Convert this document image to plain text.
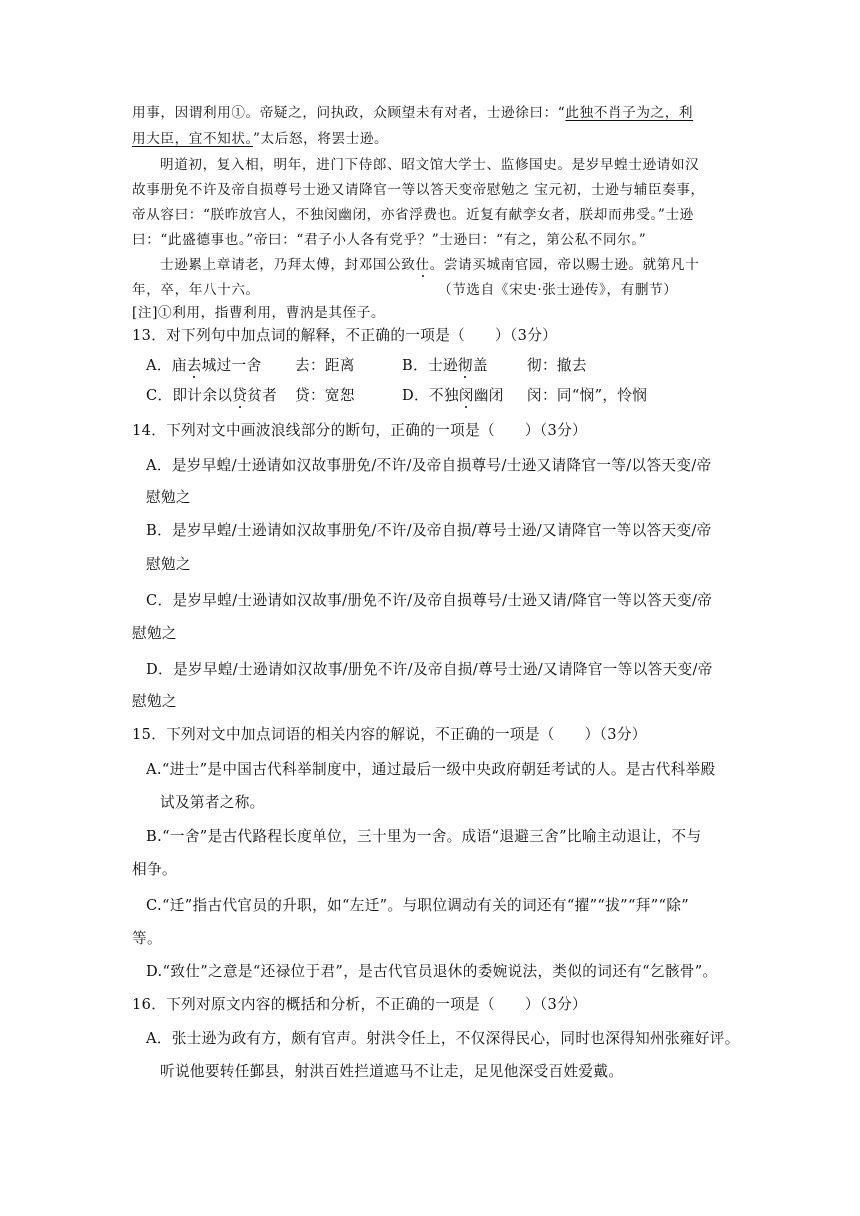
用事，因谓利用①。帝疑之，问执政，众顾望未有对者，士逊徐曰：“此独不肖子为之，利
用大臣，宜不知状。”太后怒，将罢士逊。
明道初，复入相，明年，进门下侍郎、昭文馆大学士、监修国史。是岁早蝗士逊请如汉
故事册免不许及帝自损尊号士逊又请降官一等以答天变帝慰勉之 宝元初，士逊与辅臣奏事，
帝从容曰：“朕昨放宫人，不独闵幽闭，亦省浮费也。近复有献孪女者，朕却而弗受。”士逊
曰：“此盛德事也。”帝曰：“君子小人各有党乎？”士逊曰：“有之，第公私不同尔。”
士逊累上章请老，乃拜太傅，封邓国公致仕。尝请买城南官园，帝以赐士逊。就第凡十
年，卒，年八十六。	（节选自《宋史·张士逊传》，有删节）
[注]①利用，指曹利用，曹汭是其侄子。
13．对下列句中加点词的解释，不正确的一项是（　　）（3分）
A．庙去城过一舍 去：距离	B．士逊彻盖	彻：撤去
C．即计余以贷贫者 贷：宽恕	D．不独闵幽闭 闵：同“悯”，怜悯
14．下列对文中画波浪线部分的断句，正确的一项是（　　）（3分）
A．是岁早蝗/士逊请如汉故事册免/不许/及帝自损尊号/士逊又请降官一等/以答天变/帝
慰勉之
B．是岁早蝗/士逊请如汉故事册免/不许/及帝自损/尊号士逊/又请降官一等以答天变/帝
慰勉之
C．是岁早蝗/士逊请如汉故事/册免不许/及帝自损尊号/士逊又请/降官一等以答天变/帝
慰勉之
D．是岁早蝗/士逊请如汉故事/册免不许/及帝自损/尊号士逊/又请降官一等以答天变/帝
慰勉之
15．下列对文中加点词语的相关内容的解说，不正确的一项是（　　）（3分）
A.“进士”是中国古代科举制度中，通过最后一级中央政府朝廷考试的人。是古代科举殿
试及第者之称。
B.“一舍”是古代路程长度单位，三十里为一舍。成语“退避三舍”比喻主动退让，不与
相争。
C.“迁”指古代官员的升职，如“左迁”。与职位调动有关的词还有“擢”“拔”“拜”“除”
等。
D.“致仕”之意是“还禄位于君”，是古代官员退休的委婉说法，类似的词还有“乞骸骨”。
16．下列对原文内容的概括和分析，不正确的一项是（　　）（3分）
A．张士逊为政有方，颇有官声。射洪令任上，不仅深得民心，同时也深得知州张雍好评。
听说他要转任鄞县，射洪百姓拦道遮马不让走，足见他深受百姓爱戴。
